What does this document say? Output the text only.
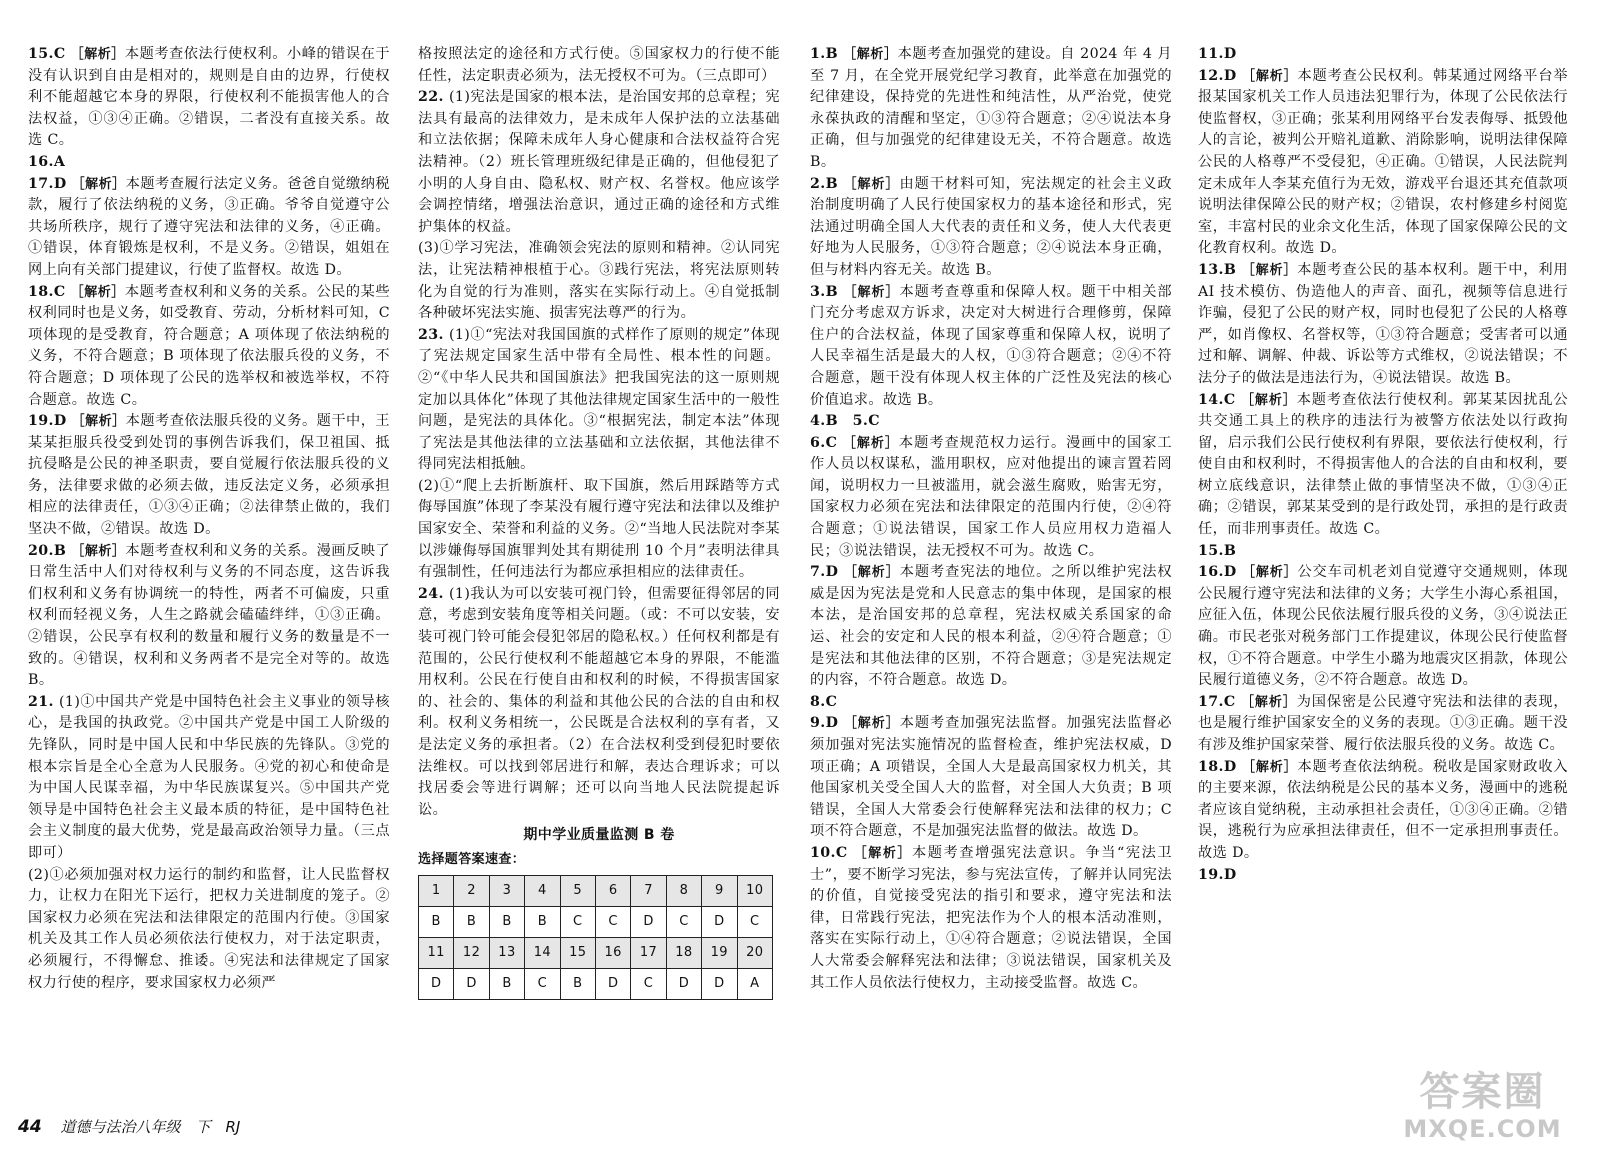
15.C ［解析］本题考查依法行使权利。小峰的错误在于没有认识到自由是相对的，规则是自由的边界，行使权利不能超越它本身的界限，行使权利不能损害他人的合法权益，①③④正确。②错误，二者没有直接关系。故选 C。

16.A

17.D ［解析］本题考查履行法定义务。爸爸自觉缴纳税款，履行了依法纳税的义务，③正确。爷爷自觉遵守公共场所秩序，规行了遵守宪法和法律的义务，④正确。①错误，体育锻炼是权利，不是义务。②错误，姐姐在网上向有关部门提建议，行使了监督权。故选 D。

18.C ［解析］本题考查权利和义务的关系。公民的某些权利同时也是义务，如受教育、劳动，分析材料可知，C 项体现的是受教育，符合题意；A 项体现了依法纳税的义务，不符合题意；B 项体现了依法服兵役的义务，不符合题意；D 项体现了公民的选举权和被选举权，不符合题意。故选 C。

19.D ［解析］本题考查依法服兵役的义务。题干中，王某某拒服兵役受到处罚的事例告诉我们，保卫祖国、抵抗侵略是公民的神圣职责，要自觉履行依法服兵役的义务，法律要求做的必须去做，违反法定义务，必须承担相应的法律责任，①③④正确；②法律禁止做的，我们坚决不做，②错误。故选 D。

20.B ［解析］本题考查权利和义务的关系。漫画反映了日常生活中人们对待权利与义务的不同态度，这告诉我们权利和义务有协调统一的特性，两者不可偏废，只重权利而轻视义务，人生之路就会磕磕绊绊，①③正确。②错误，公民享有权利的数量和履行义务的数量是不一致的。④错误，权利和义务两者不是完全对等的。故选 B。

21. (1)①中国共产党是中国特色社会主义事业的领导核心，是我国的执政党。②中国共产党是中国工人阶级的先锋队，同时是中国人民和中华民族的先锋队。③党的根本宗旨是全心全意为人民服务。④党的初心和使命是为中国人民谋幸福，为中华民族谋复兴。⑤中国共产党领导是中国特色社会主义最本质的特征，是中国特色社会主义制度的最大优势，党是最高政治领导力量。（三点即可）

(2)①必须加强对权力运行的制约和监督，让人民监督权力，让权力在阳光下运行，把权力关进制度的笼子。②国家权力必须在宪法和法律限定的范围内行使。③国家机关及其工作人员必须依法行使权力，对于法定职责，必须履行，不得懈怠、推诿。④宪法和法律规定了国家权力行使的程序，要求国家权力必须严

格按照法定的途径和方式行使。⑤国家权力的行使不能任性，法定职责必须为，法无授权不可为。（三点即可）

22. (1)宪法是国家的根本法，是治国安邦的总章程；宪法具有最高的法律效力，是未成年人保护法的立法基础和立法依据；保障未成年人身心健康和合法权益符合宪法精神。（2）班长管理班级纪律是正确的，但他侵犯了小明的人身自由、隐私权、财产权、名誉权。他应该学会调控情绪，增强法治意识，通过正确的途径和方式维护集体的权益。

(3)①学习宪法，准确领会宪法的原则和精神。②认同宪法，让宪法精神根植于心。③践行宪法，将宪法原则转化为自觉的行为准则，落实在实际行动上。④自觉抵制各种破坏宪法实施、损害宪法尊严的行为。

23. (1)①“宪法对我国国旗的式样作了原则的规定”体现了宪法规定国家生活中带有全局性、根本性的问题。②“《中华人民共和国国旗法》把我国宪法的这一原则规定加以具体化”体现了其他法律规定国家生活中的一般性问题，是宪法的具体化。③“根据宪法，制定本法”体现了宪法是其他法律的立法基础和立法依据，其他法律不得同宪法相抵触。

(2)①“爬上去折断旗杆、取下国旗，然后用踩踏等方式侮辱国旗”体现了李某没有履行遵守宪法和法律以及维护国家安全、荣誉和利益的义务。②“当地人民法院对李某以涉嫌侮辱国旗罪判处其有期徒刑 10 个月”表明法律具有强制性，任何违法行为都应承担相应的法律责任。

24. (1)我认为可以安装可视门铃，但需要征得邻居的同意，考虑到安装角度等相关问题。（或：不可以安装，安装可视门铃可能会侵犯邻居的隐私权。）任何权利都是有范围的，公民行使权利不能超越它本身的界限，不能滥用权利。公民在行使自由和权利的时候，不得损害国家的、社会的、集体的利益和其他公民的合法的自由和权利。权利义务相统一，公民既是合法权利的享有者，又是法定义务的承担者。（2）在合法权利受到侵犯时要依法维权。可以找到邻居进行和解，表达合理诉求；可以找居委会等进行调解；还可以向当地人民法院提起诉讼。

期中学业质量监测 B 卷

选择题答案速查：

1	2	3	4	5	6	7	8	9	10
B	B	B	B	C	C	D	C	D	C
11	12	13	14	15	16	17	18	19	20
D	D	B	C	B	D	C	D	D	A

1.B ［解析］本题考查加强党的建设。自 2024 年 4 月至 7 月，在全党开展党纪学习教育，此举意在加强党的纪律建设，保持党的先进性和纯洁性，从严治党，使党永葆执政的清醒和坚定，①③符合题意；②④说法本身正确，但与加强党的纪律建设无关，不符合题意。故选 B。

2.B ［解析］由题干材料可知，宪法规定的社会主义政治制度明确了人民行使国家权力的基本途径和形式，宪法通过明确全国人大代表的责任和义务，使人大代表更好地为人民服务，①③符合题意；②④说法本身正确，但与材料内容无关。故选 B。

3.B ［解析］本题考查尊重和保障人权。题干中相关部门充分考虑双方诉求，决定对大树进行合理修剪，保障住户的合法权益，体现了国家尊重和保障人权，说明了人民幸福生活是最大的人权，①③符合题意；②④不符合题意，题干没有体现人权主体的广泛性及宪法的核心价值追求。故选 B。

4.B　5.C

6.C ［解析］本题考查规范权力运行。漫画中的国家工作人员以权谋私，滥用职权，应对他提出的谏言置若罔闻，说明权力一旦被滥用，就会滋生腐败，贻害无穷，国家权力必须在宪法和法律限定的范围内行使，②④符合题意；①说法错误，国家工作人员应用权力造福人民；③说法错误，法无授权不可为。故选 C。

7.D ［解析］本题考查宪法的地位。之所以维护宪法权威是因为宪法是党和人民意志的集中体现，是国家的根本法，是治国安邦的总章程，宪法权威关系国家的命运、社会的安定和人民的根本利益，②④符合题意；①是宪法和其他法律的区别，不符合题意；③是宪法规定的内容，不符合题意。故选 D。

8.C

9.D ［解析］本题考查加强宪法监督。加强宪法监督必须加强对宪法实施情况的监督检查，维护宪法权威，D 项正确；A 项错误，全国人大是最高国家权力机关，其他国家机关受全国人大的监督，对全国人大负责；B 项错误，全国人大常委会行使解释宪法和法律的权力；C 项不符合题意，不是加强宪法监督的做法。故选 D。

10.C ［解析］本题考查增强宪法意识。争当“宪法卫士”，要不断学习宪法，参与宪法宣传，了解并认同宪法的价值，自觉接受宪法的指引和要求，遵守宪法和法律，日常践行宪法，把宪法作为个人的根本活动准则，落实在实际行动上，①④符合题意；②说法错误，全国人大常委会解释宪法和法律；③说法错误，国家机关及其工作人员依法行使权力，主动接受监督。故选 C。

11.D

12.D ［解析］本题考查公民权利。韩某通过网络平台举报某国家机关工作人员违法犯罪行为，体现了公民依法行使监督权，③正确；张某利用网络平台发表侮辱、抵毁他人的言论，被判公开赔礼道歉、消除影响，说明法律保障公民的人格尊严不受侵犯，④正确。①错误，人民法院判定未成年人李某充值行为无效，游戏平台退还其充值款项说明法律保障公民的财产权；②错误，农村修建乡村阅览室，丰富村民的业余文化生活，体现了国家保障公民的文化教育权利。故选 D。

13.B ［解析］本题考查公民的基本权利。题干中，利用 AI 技术模仿、伪造他人的声音、面孔，视频等信息进行诈骗，侵犯了公民的财产权，同时也侵犯了公民的人格尊严，如肖像权、名誉权等，①③符合题意；受害者可以通过和解、调解、仲裁、诉讼等方式维权，②说法错误；不法分子的做法是违法行为，④说法错误。故选 B。

14.C ［解析］本题考查依法行使权利。郭某某因扰乱公共交通工具上的秩序的违法行为被警方依法处以行政拘留，启示我们公民行使权利有界限，要依法行使权利，行使自由和权利时，不得损害他人的合法的自由和权利，要树立底线意识，法律禁止做的事情坚决不做，①③④正确；②错误，郭某某受到的是行政处罚，承担的是行政责任，而非刑事责任。故选 C。

15.B

16.D ［解析］公交车司机老刘自觉遵守交通规则，体现公民履行遵守宪法和法律的义务；大学生小海心系祖国，应征入伍，体现公民依法履行服兵役的义务，③④说法正确。市民老张对税务部门工作提建议，体现公民行使监督权，①不符合题意。中学生小璐为地震灾区捐款，体现公民履行道德义务，②不符合题意。故选 D。

17.C ［解析］为国保密是公民遵守宪法和法律的表现，也是履行维护国家安全的义务的表现。①③正确。题干没有涉及维护国家荣誉、履行依法服兵役的义务。故选 C。

18.D ［解析］本题考查依法纳税。税收是国家财政收入的主要来源，依法纳税是公民的基本义务，漫画中的逃税者应该自觉纳税，主动承担社会责任，①③④正确。②错误，逃税行为应承担法律责任，但不一定承担刑事责任。故选 D。

19.D

44 道德与法治八年级　下　RJ
答案圈
MXQE.COM
